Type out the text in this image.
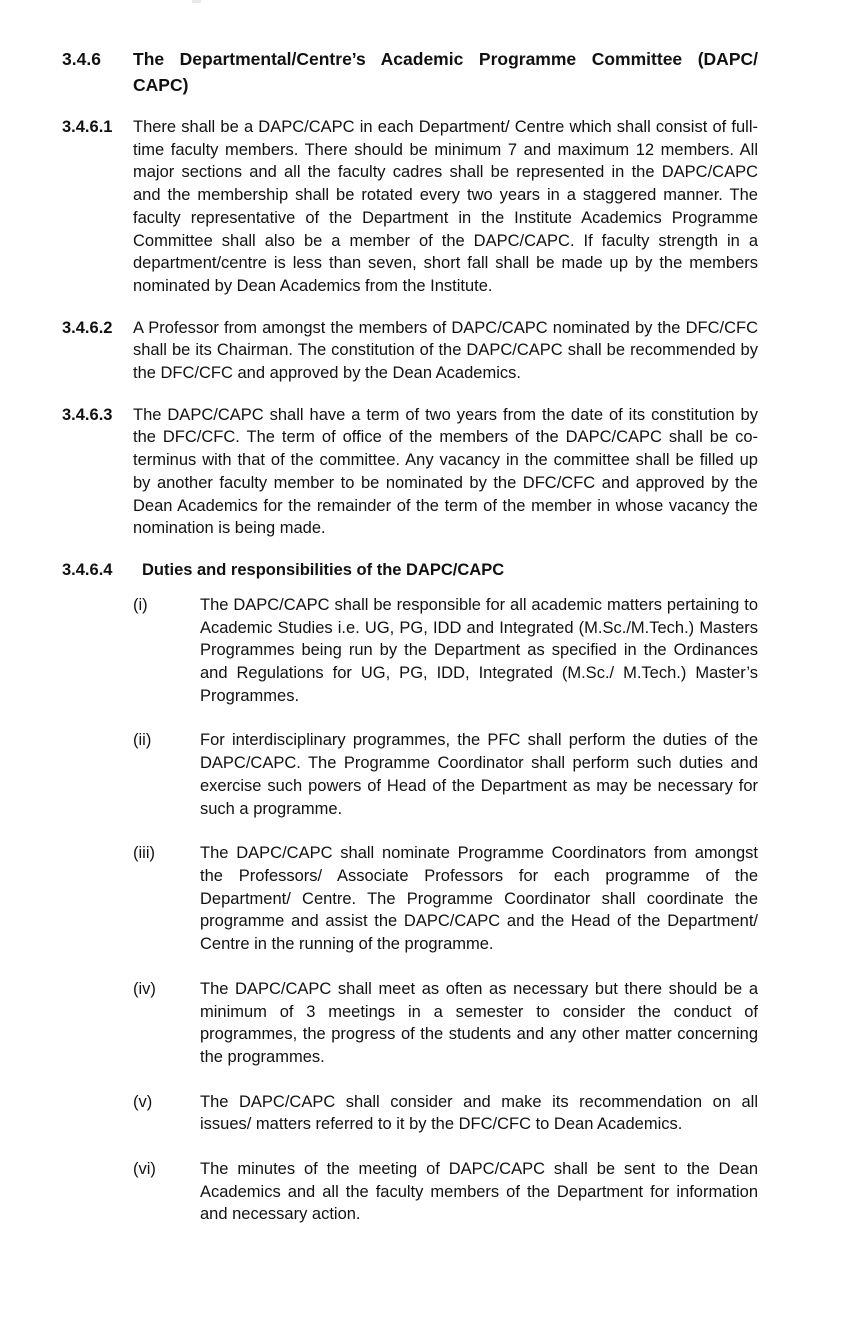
3.4.6	The Departmental/Centre’s Academic Programme Committee (DAPC/​CAPC)
3.4.6.1	There shall be a DAPC/CAPC in each Department/ Centre which shall consist of full-time faculty members. There should be minimum 7 and maximum 12 members. All major sections and all the faculty cadres shall be represented in the DAPC/CAPC and the membership shall be rotated every two years in a staggered manner. The faculty representative of the Department in the Institute Academics Programme Committee shall also be a member of the DAPC/CAPC. If faculty strength in a department/centre is less than seven, short fall shall be made up by the members nominated by Dean Academics from the Institute.
3.4.6.2	A Professor from amongst the members of DAPC/CAPC nominated by the DFC/CFC shall be its Chairman. The constitution of the DAPC/CAPC shall be recommended by the DFC/CFC and approved by the Dean Academics.
3.4.6.3	The DAPC/CAPC shall have a term of two years from the date of its constitution by the DFC/CFC. The term of office of the members of the DAPC/CAPC shall be co-terminus with that of the committee. Any vacancy in the committee shall be filled up by another faculty member to be nominated by the DFC/​CFC and approved by the Dean Academics for the remainder of the term of the member in whose vacancy the nomination is being made.
3.4.6.4	Duties and responsibilities of the DAPC/CAPC
(i)	The DAPC/CAPC shall be responsible for all academic matters pertaining to Academic Studies i.e. UG, PG, IDD and Integrated (M.Sc./M.Tech.) Masters Programmes being run by the Department as specified in the Ordinances and Regulations for UG, PG, IDD, Integrated (M.Sc./ M.Tech.) Master’s Programmes.
(ii)	For interdisciplinary programmes, the PFC shall perform the duties of the DAPC/CAPC. The Programme Coordinator shall perform such duties and exercise such powers of Head of the Department as may be necessary for such a programme.
(iii)	The DAPC/CAPC shall nominate Programme Coordinators from amongst the Professors/ Associate Professors for each programme of the Department/ Centre. The Programme Coordinator shall coordinate the programme and assist the DAPC/CAPC and the Head of the Department/ Centre in the running of the programme.
(iv)	The DAPC/CAPC shall meet as often as necessary but there should be a minimum of 3 meetings in a semester to consider the conduct of programmes, the progress of the students and any other matter concerning the programmes.
(v)	The DAPC/CAPC shall consider and make its recommendation on all issues/ matters referred to it by the DFC/CFC to Dean Academics.
(vi)	The minutes of the meeting of DAPC/CAPC shall be sent to the Dean Academics and all the faculty members of the Department for information and necessary action.
